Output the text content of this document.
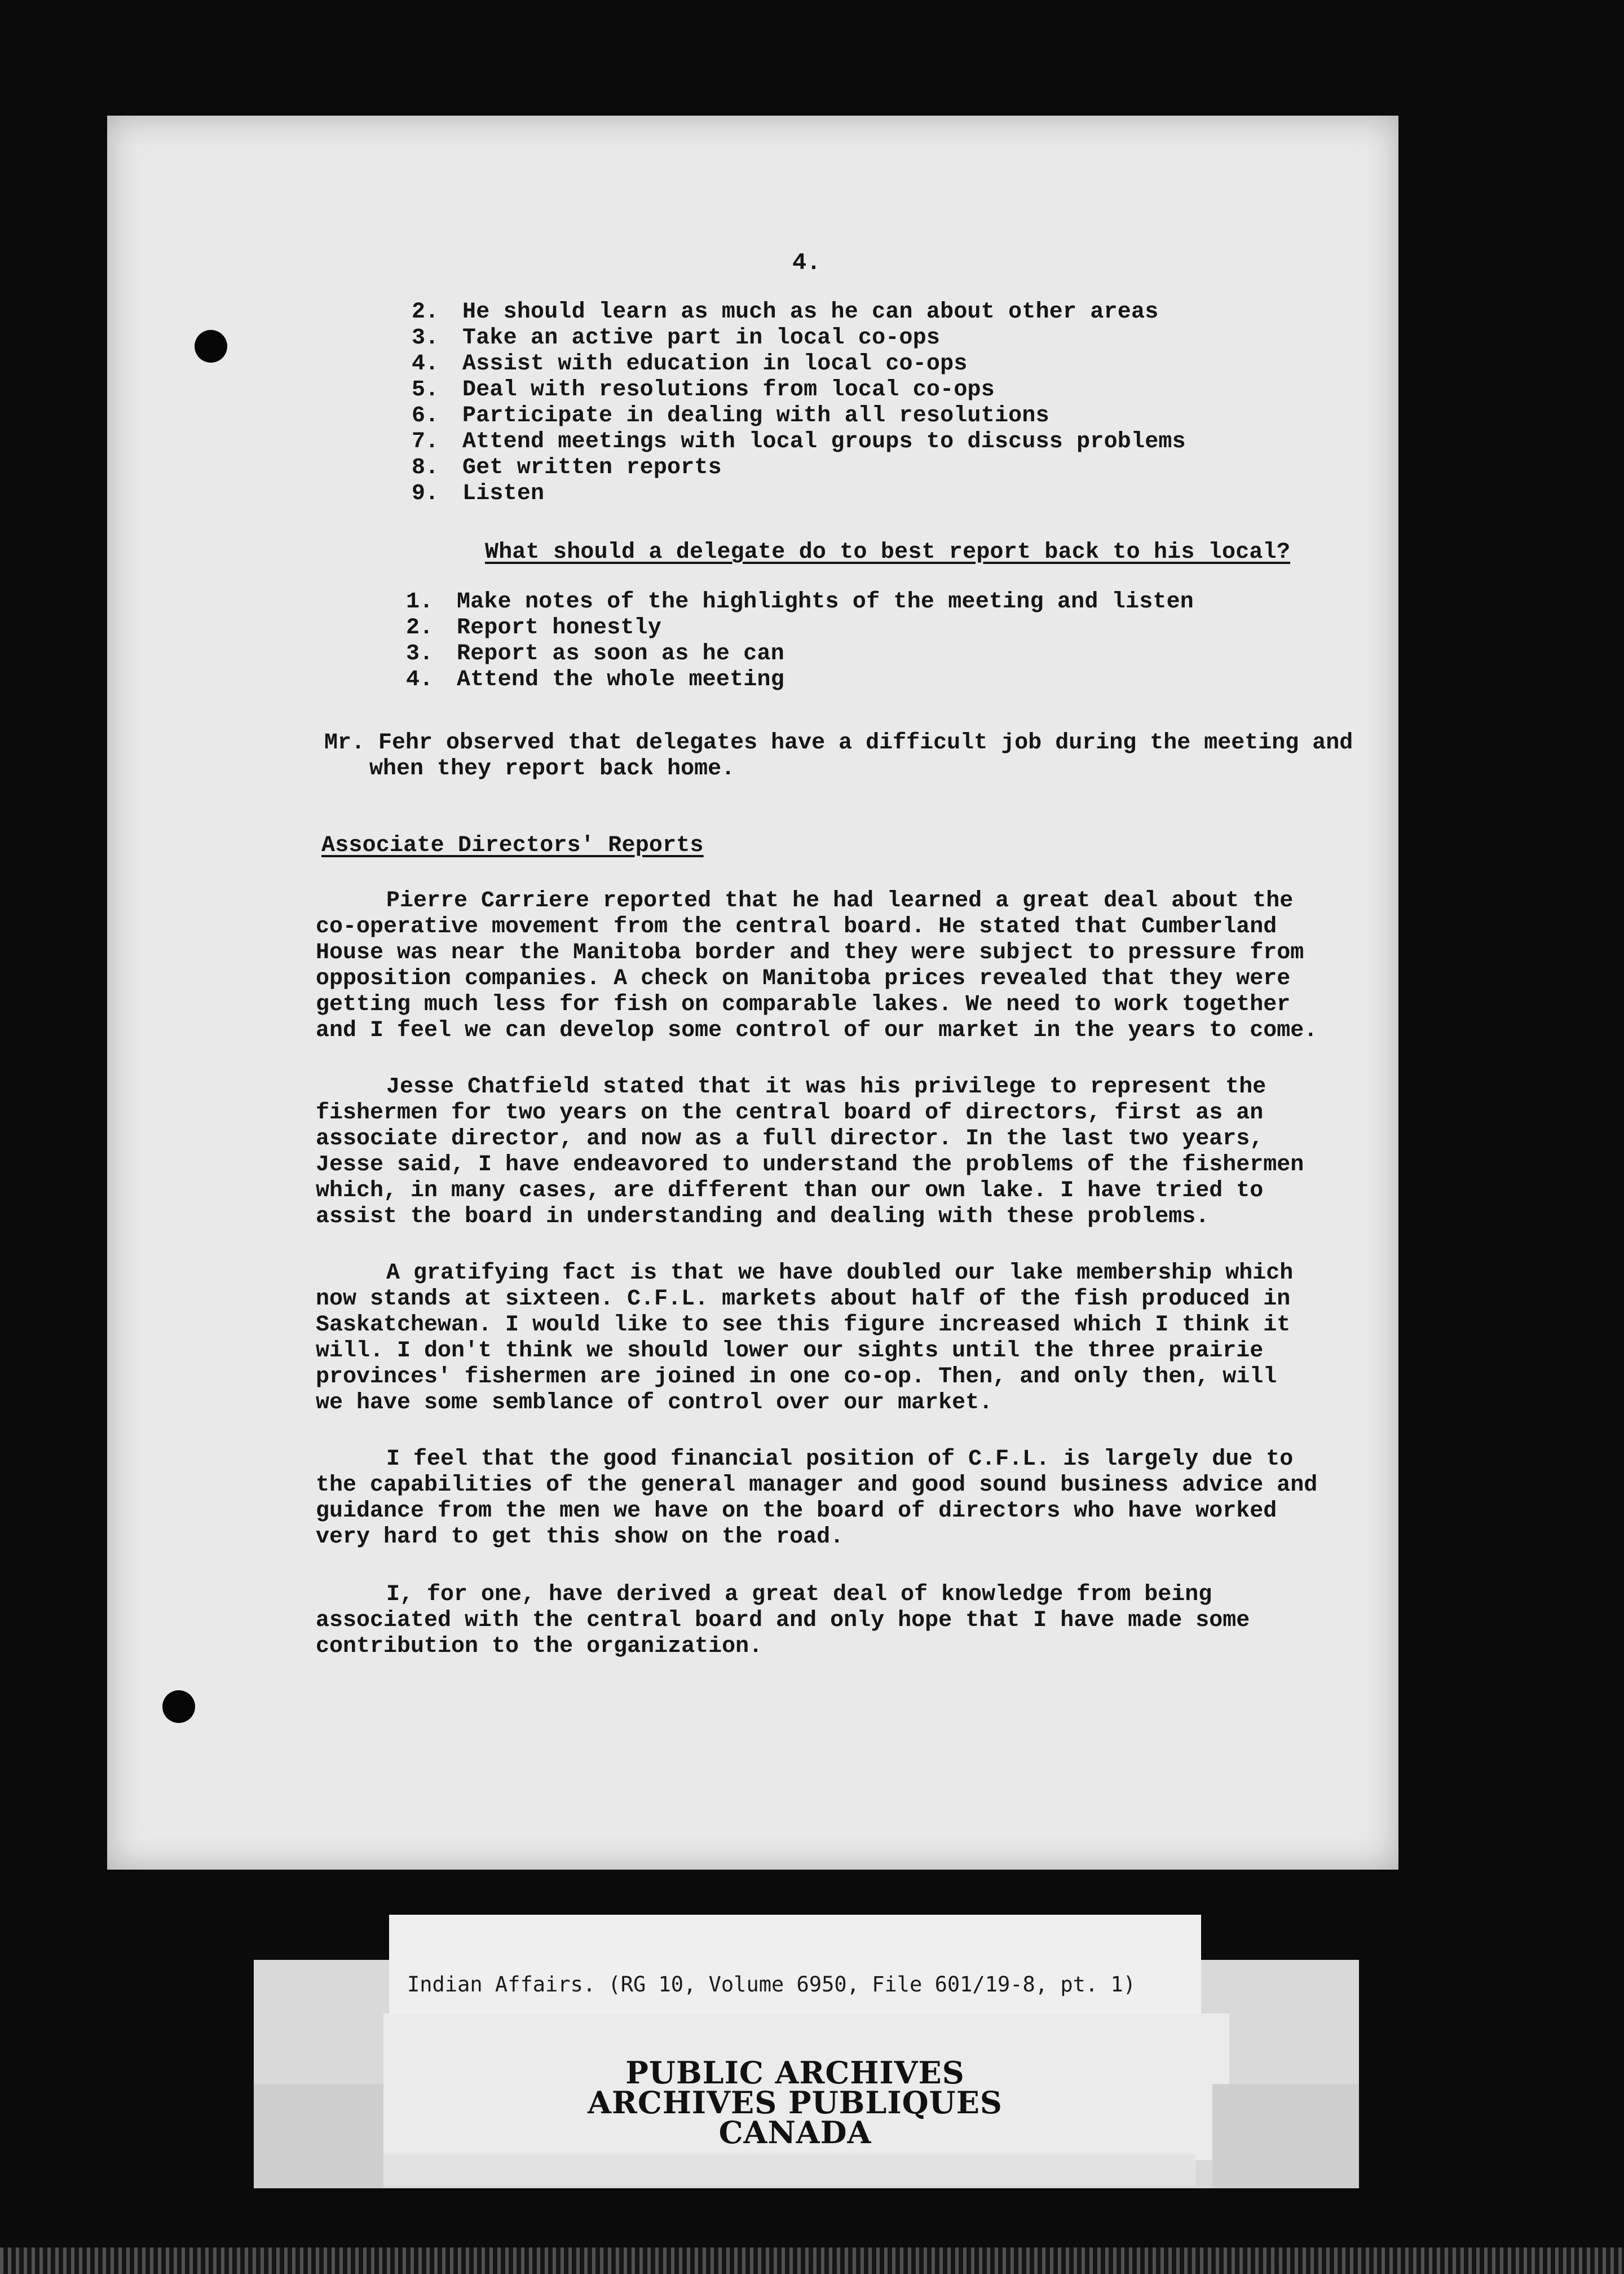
4.
2. He should learn as much as he can about other areas
3. Take an active part in local co-ops
4. Assist with education in local co-ops
5. Deal with resolutions from local co-ops
6. Participate in dealing with all resolutions
7. Attend meetings with local groups to discuss problems
8. Get written reports
9. Listen
What should a delegate do to best report back to his local?
1. Make notes of the highlights of the meeting and listen
2. Report honestly
3. Report as soon as he can
4. Attend the whole meeting
Mr. Fehr observed that delegates have a difficult job during the meeting and
when they report back home.
Associate Directors' Reports
Pierre Carriere reported that he had learned a great deal about the
co-operative movement from the central board. He stated that Cumberland
House was near the Manitoba border and they were subject to pressure from
opposition companies. A check on Manitoba prices revealed that they were
getting much less for fish on comparable lakes. We need to work together
and I feel we can develop some control of our market in the years to come.
Jesse Chatfield stated that it was his privilege to represent the
fishermen for two years on the central board of directors, first as an
associate director, and now as a full director. In the last two years,
Jesse said, I have endeavored to understand the problems of the fishermen
which, in many cases, are different than our own lake. I have tried to
assist the board in understanding and dealing with these problems.
A gratifying fact is that we have doubled our lake membership which
now stands at sixteen. C.F.L. markets about half of the fish produced in
Saskatchewan. I would like to see this figure increased which I think it
will. I don't think we should lower our sights until the three prairie
provinces' fishermen are joined in one co-op. Then, and only then, will
we have some semblance of control over our market.
I feel that the good financial position of C.F.L. is largely due to
the capabilities of the general manager and good sound business advice and
guidance from the men we have on the board of directors who have worked
very hard to get this show on the road.
I, for one, have derived a great deal of knowledge from being
associated with the central board and only hope that I have made some
contribution to the organization.
Indian Affairs. (RG 10, Volume 6950, File 601/19-8, pt. 1)
PUBLIC ARCHIVES
ARCHIVES PUBLIQUES
CANADA
